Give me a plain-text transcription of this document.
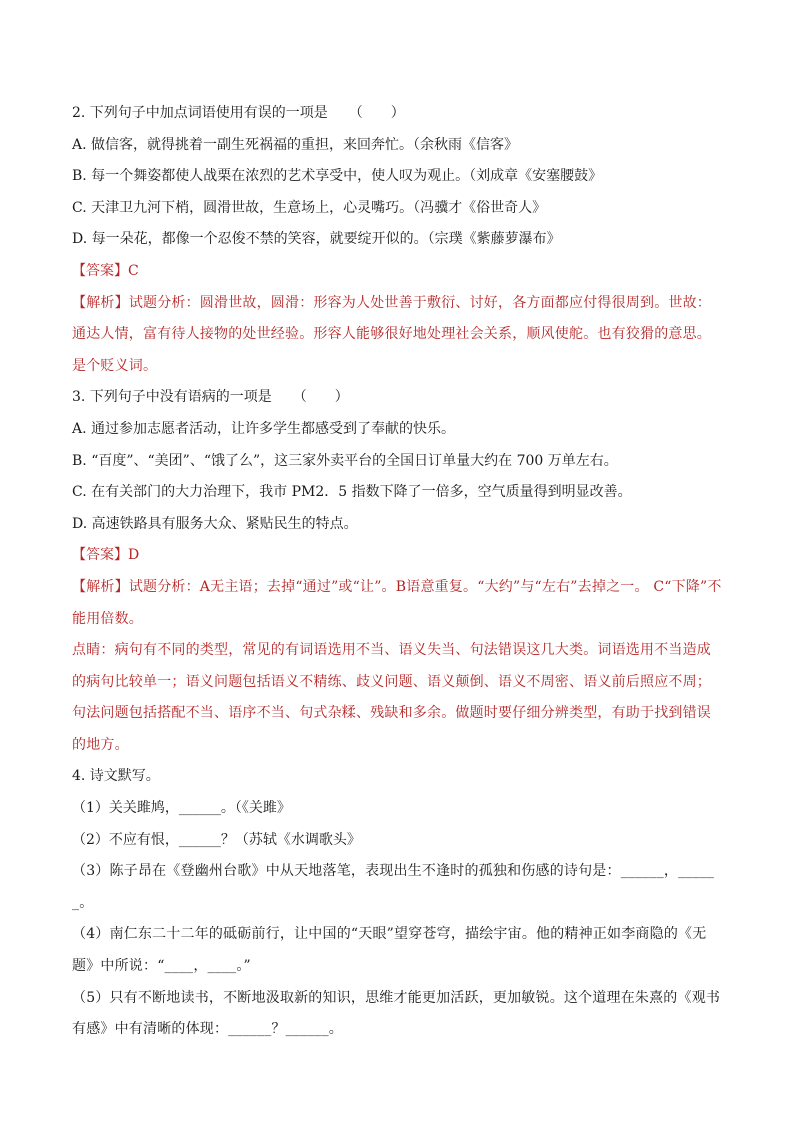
2. 下列句子中加点词语使用有误的一项是　　（　　）
A. 做信客，就得挑着一副生死祸福的重担，来回奔忙。（余秋雨《信客》
B. 每一个舞姿都使人战栗在浓烈的艺术享受中，使人叹为观止。（刘成章《安塞腰鼓》
C. 天津卫九河下梢，圆滑世故，生意场上，心灵嘴巧。（冯骥才《俗世奇人》
D. 每一朵花，都像一个忍俊不禁的笑容，就要绽开似的。（宗璞《紫藤萝瀑布》
【答案】C
【解析】试题分析：圆滑世故，圆滑：形容为人处世善于敷衍、讨好，各方面都应付得很周到。世故：通达人情，富有待人接物的处世经验。形容人能够很好地处理社会关系，顺风使舵。也有狡猾的意思。是个贬义词。
3. 下列句子中没有语病的一项是　　（　　）
A. 通过参加志愿者活动，让许多学生都感受到了奉献的快乐。
B. “百度”、“美团”、“饿了么”，这三家外卖平台的全国日订单量大约在 700 万单左右。
C. 在有关部门的大力治理下，我市 PM2．5 指数下降了一倍多，空气质量得到明显改善。
D. 高速铁路具有服务大众、紧贴民生的特点。
【答案】D
【解析】试题分析：A无主语；去掉“通过”或“让”。B语意重复。“大约”与“左右”去掉之一。 C“下降”不能用倍数。
点睛：病句有不同的类型，常见的有词语选用不当、语义失当、句法错误这几大类。词语选用不当造成的病句比较单一；语义问题包括语义不精练、歧义问题、语义颠倒、语义不周密、语义前后照应不周；句法问题包括搭配不当、语序不当、句式杂糅、残缺和多余。做题时要仔细分辨类型，有助于找到错误的地方。
4. 诗文默写。
（1）关关雎鸠，______。（《关雎》
（2）不应有恨，______？（苏轼《水调歌头》
（3）陈子昂在《登幽州台歌》中从天地落笔，表现出生不逢时的孤独和伤感的诗句是：______，______。
（4）南仁东二十二年的砥砺前行，让中国的“天眼”望穿苍穹，描绘宇宙。他的精神正如李商隐的《无题》中所说：“____，____。”
（5）只有不断地读书，不断地汲取新的知识，思维才能更加活跃，更加敏锐。这个道理在朱熹的《观书有感》中有清晰的体现：______？______。
